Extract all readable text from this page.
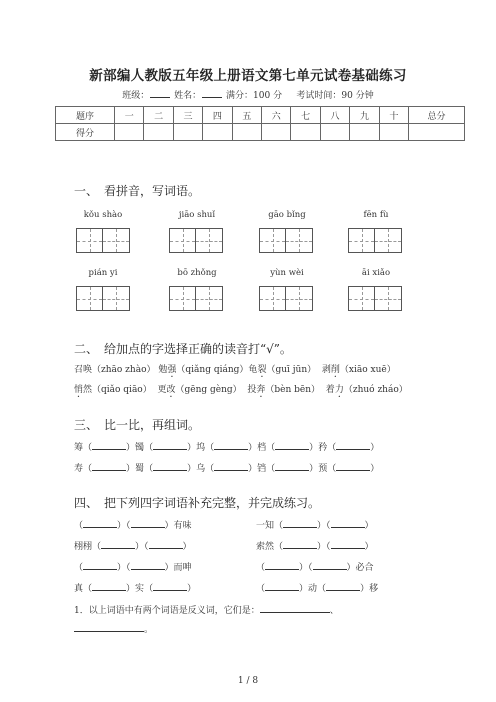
新部编人教版五年级上册语文第七单元试卷基础练习
班级：	姓名：	满分：100 分 考试时间：90 分钟
题序	一	二	三	四	五	六	七	八	九	十	总分
得分											
一、 看拼音，写词语。
kǒu shào	jiāo shuǐ	gāo bǐng	fēn fù
pián yi	bō zhǒng	yùn wèi	āi xiǎo
二、 给加点的字选择正确的读音打“√”。
召唤（zhāo zhào） 勉强（qiǎng qiáng）龟裂（guī jūn） 剥削（xiāo xuē）
悄然（qiǎo qiāo） 更改（gēng gèng） 投奔（bèn bēn） 着力（zhuó zháo）
三、 比一比，再组词。
筹（	）镯（	）坞（	）档（	）矜（	）
寿（	）蜀（	）乌（	）铛（	）预（	）
四、 把下列四字词语补充完整，并完成练习。
（	）（	）有味	一知（	）（	）
栩栩（	）（	）	索然（	）（	）
（	）（	）而呻	（	）（	）必合
真（	）实（	）	（	）动（	）移
1．以上词语中有两个词语是反义词，它们是：	、
。
1 / 8
